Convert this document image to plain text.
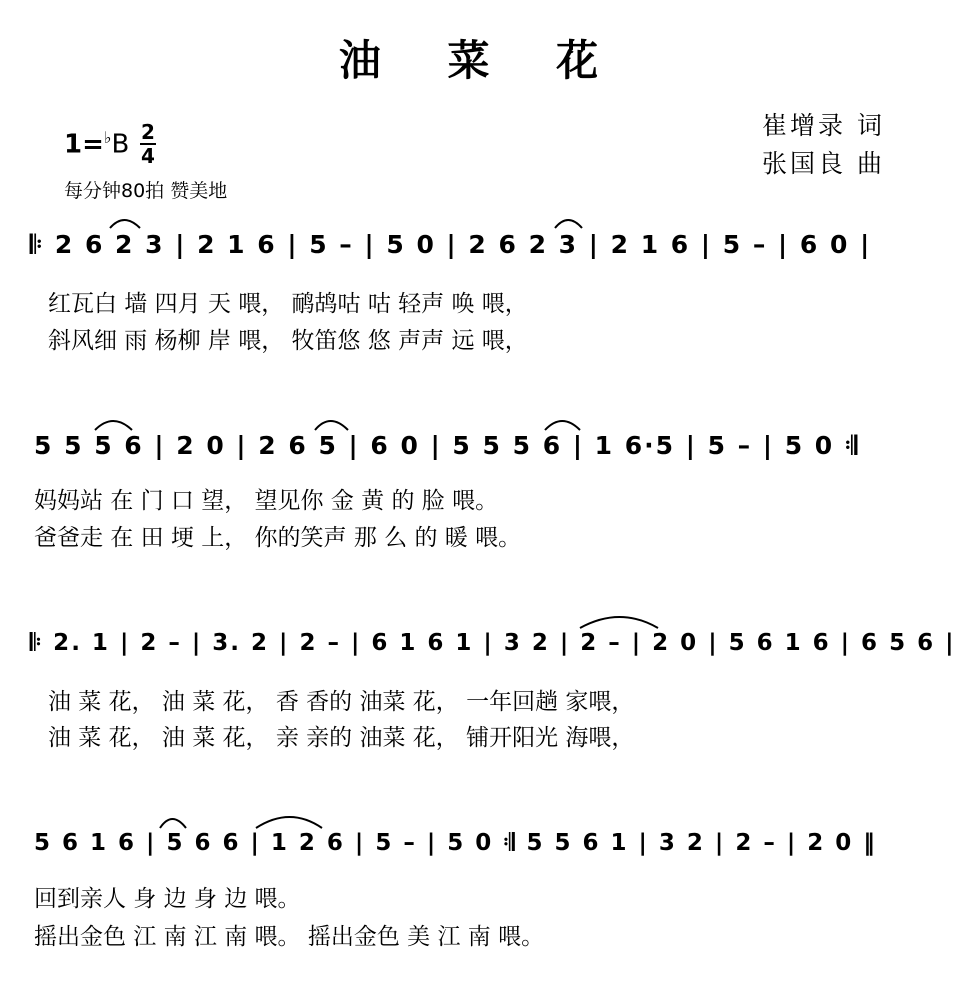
油 菜 花
崔增录 词
张国良 曲
1=♭B 2
4
每分钟80拍 赞美地
𝄆 2 6 2 3 | 2 1 6 | 5 – | 5 0 | 2 6 2 3 | 2 1 6 | 5 – | 6 0 |
红瓦白 墙 四月 天 喂， 鸸鸪咕 咕 轻声 唤 喂，
斜风细 雨 杨柳 岸 喂， 牧笛悠 悠 声声 远 喂，
5 5 5 6 | 2 0 | 2 6 5 | 6 0 | 5 5 5 6 | 1 6·5 | 5 – | 5 0 𝄇
妈妈站 在 门 口 望， 望见你 金 黄 的 脸 喂。
爸爸走 在 田 埂 上， 你的笑声 那 么 的 暖 喂。
𝄆 2. 1 | 2 – | 3. 2 | 2 – | 6 1 6 1 | 3 2 | 2 – | 2 0 | 5 6 1 6 | 6 5 6 |
油 菜 花， 油 菜 花， 香 香的 油菜 花， 一年回趟 家喂，
油 菜 花， 油 菜 花， 亲 亲的 油菜 花， 铺开阳光 海喂，
5 6 1 6 | 5 6 6 | 1 2 6 | 5 – | 5 0 𝄇 5 5 6 1 | 3 2 | 2 – | 2 0 ‖
回到亲人 身 边 身 边 喂。
摇出金色 江 南 江 南 喂。 摇出金色 美 江 南 喂。
